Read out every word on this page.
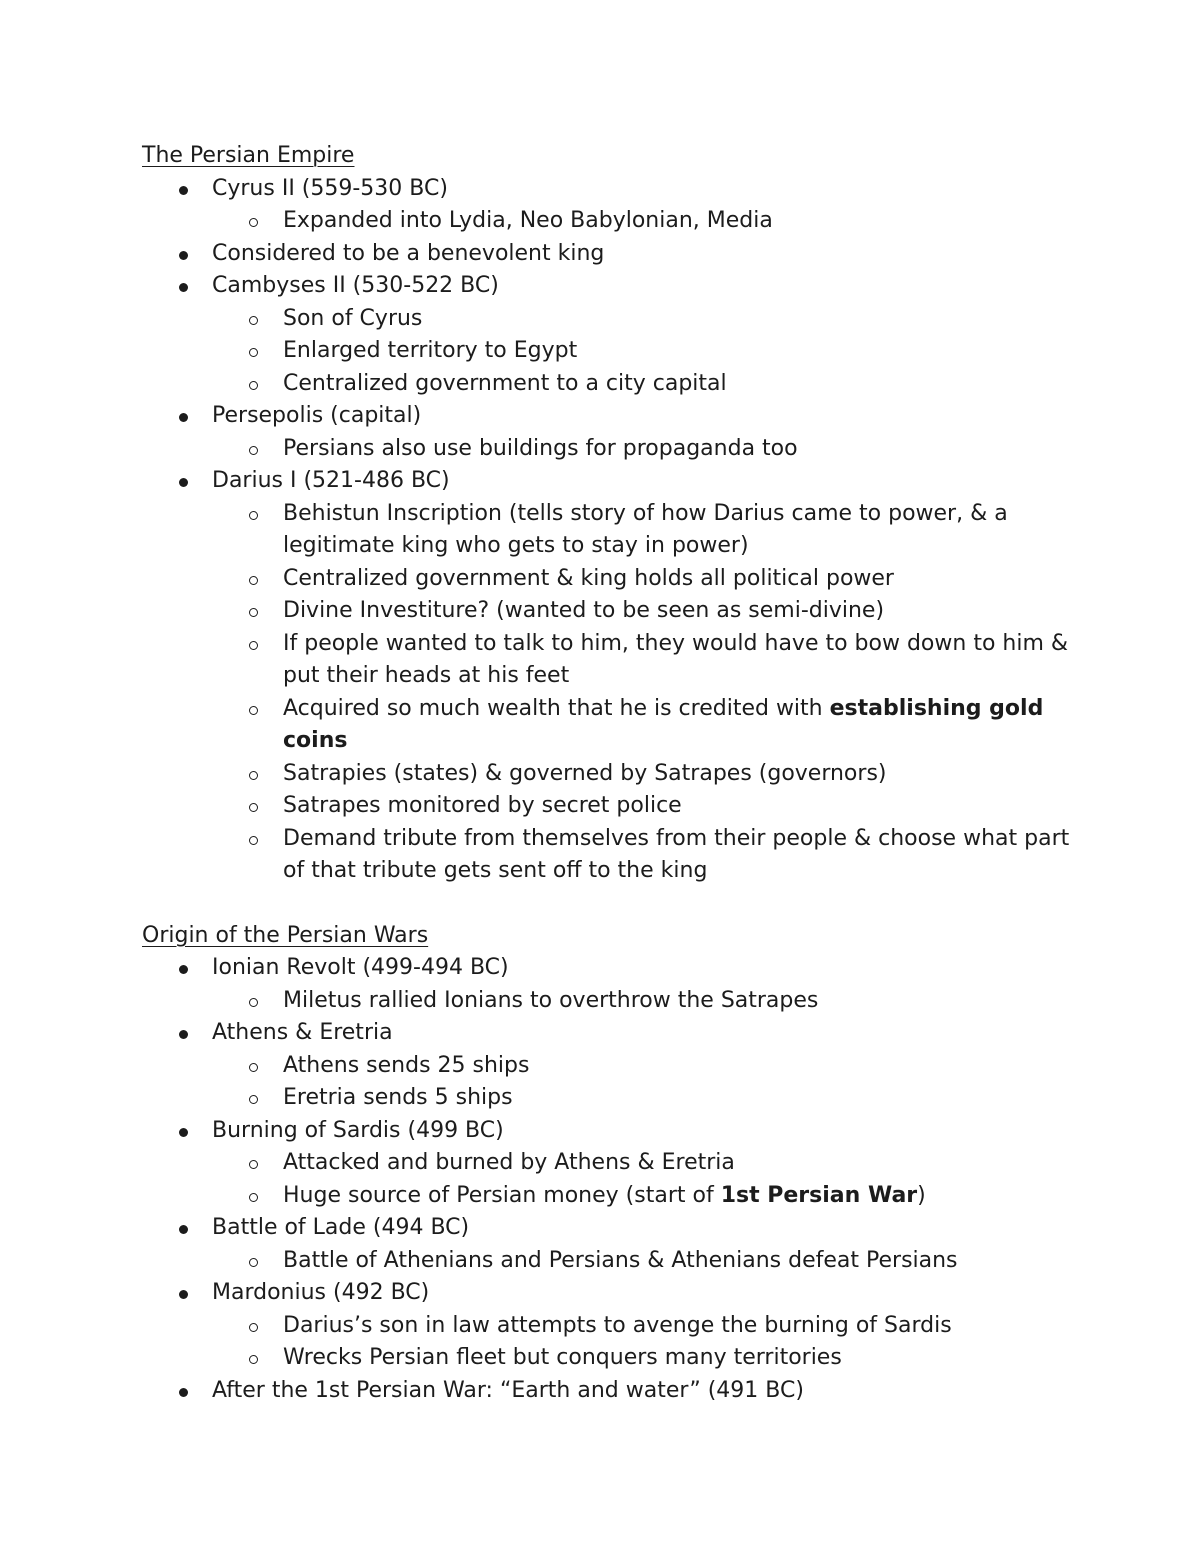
The Persian Empire
Cyrus II (559-530 BC)
Expanded into Lydia, Neo Babylonian, Media
Considered to be a benevolent king
Cambyses II (530-522 BC)
Son of Cyrus
Enlarged territory to Egypt
Centralized government to a city capital
Persepolis (capital)
Persians also use buildings for propaganda too
Darius I (521-486 BC)
Behistun Inscription (tells story of how Darius came to power, & a legitimate king who gets to stay in power)
Centralized government & king holds all political power
Divine Investiture? (wanted to be seen as semi-divine)
If people wanted to talk to him, they would have to bow down to him & put their heads at his feet
Acquired so much wealth that he is credited with establishing gold coins
Satrapies (states) & governed by Satrapes (governors)
Satrapes monitored by secret police
Demand tribute from themselves from their people & choose what part of that tribute gets sent off to the king
Origin of the Persian Wars
Ionian Revolt (499-494 BC)
Miletus rallied Ionians to overthrow the Satrapes
Athens & Eretria
Athens sends 25 ships
Eretria sends 5 ships
Burning of Sardis (499 BC)
Attacked and burned by Athens & Eretria
Huge source of Persian money (start of 1st Persian War)
Battle of Lade (494 BC)
Battle of Athenians and Persians & Athenians defeat Persians
Mardonius (492 BC)
Darius’s son in law attempts to avenge the burning of Sardis
Wrecks Persian fleet but conquers many territories
After the 1st Persian War: “Earth and water” (491 BC)
